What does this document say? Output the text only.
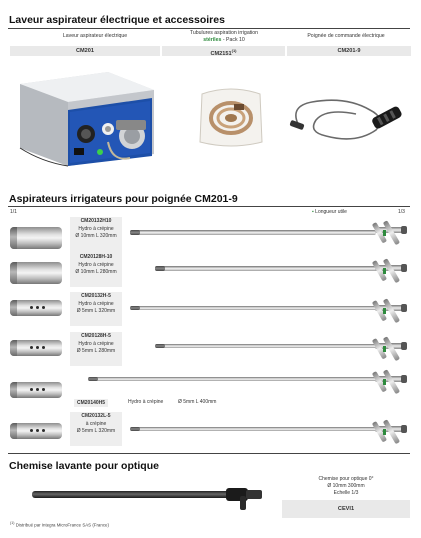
Laveur aspirateur électrique et accessoires
Laveur aspirateur électrique	Tubulures aspiration irrigation
stériles - Pack 10
Poignée de commande électrique
CM201	CM2151$^{(1)}$	CM201-9
Aspirateurs irrigateurs pour poignée CM201-9
1/1	1/3
▪ Longueur utile
CM20132H10
Hydro à crépine
Ø 10mm L 320mm
CM20128H-10
Hydro à crépine
Ø 10mm L 280mm
CM20132H-5
Hydro à crépine
Ø 5mm L 320mm
CM20128H-5
Hydro à crépine
Ø 5mm L 280mm
CM20140H5	Hydro à crépine	Ø 5mm L 400mm
CM20132L-5
à crépine
Ø 5mm L 320mm
Chemise lavante pour optique
Chemise pour optique 0°
Ø 10mm 300mm
Echelle 1/3
CEVI1
$^{(1)}$ Distribué par Integra MicroFrance SAS (France)
